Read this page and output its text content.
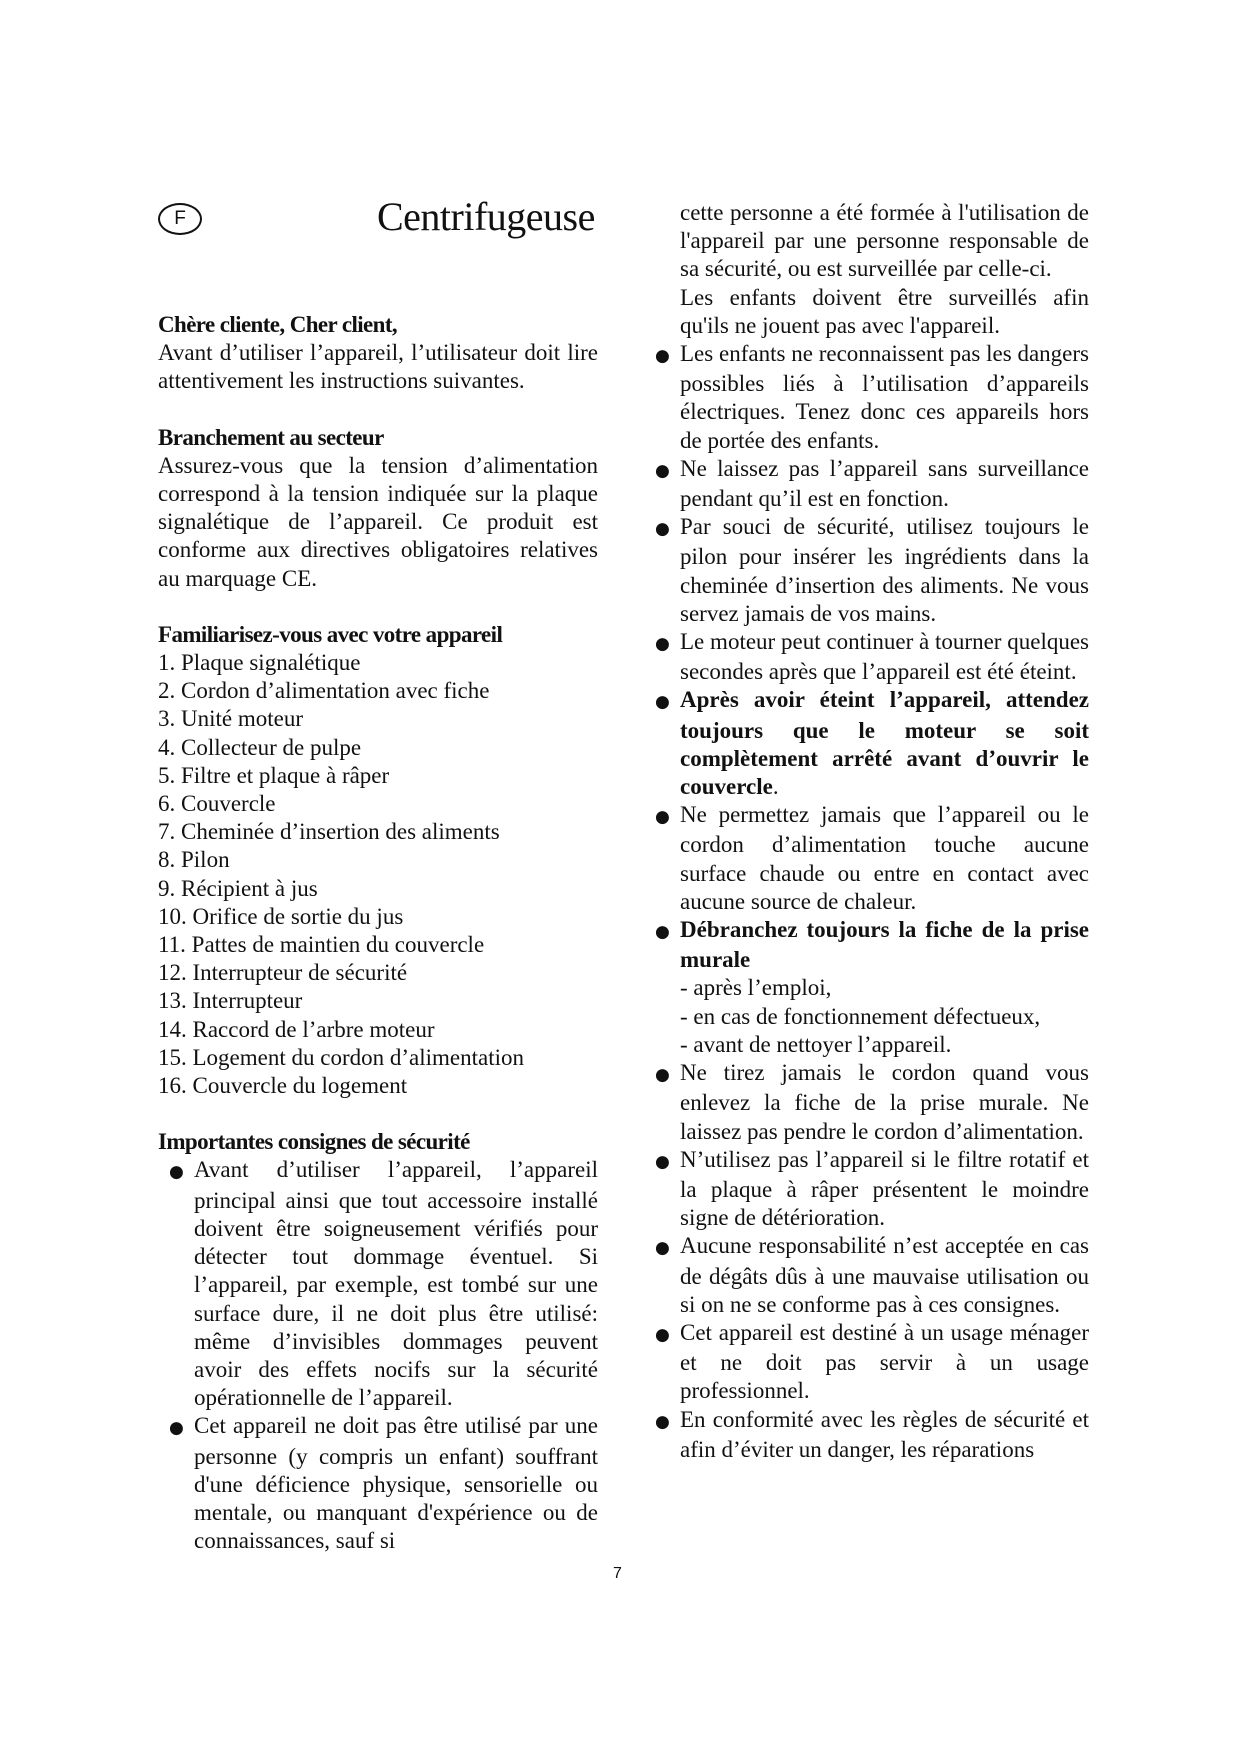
F	Centrifugeuse
Chère cliente, Cher client,
Avant d’utiliser l’appareil, l’utilisateur doit lire attentivement les instructions suivantes.
Branchement au secteur
Assurez-vous que la tension d’alimentation correspond à la tension indiquée sur la plaque signalétique de l’appareil. Ce produit est conforme aux directives obligatoires relatives au marquage CE.
Familiarisez-vous avec votre appareil
1. Plaque signalétique
2. Cordon d’alimentation avec fiche
3. Unité moteur
4. Collecteur de pulpe
5. Filtre et plaque à râper
6. Couvercle
7. Cheminée d’insertion des aliments
8. Pilon
9. Récipient à jus
10. Orifice de sortie du jus
11. Pattes de maintien du couvercle
12. Interrupteur de sécurité
13. Interrupteur
14. Raccord de l’arbre moteur
15. Logement du cordon d’alimentation
16. Couvercle du logement
Importantes consignes de sécurité
● Avant d’utiliser l’appareil, l’appareil principal ainsi que tout accessoire installé doivent être soigneusement vérifiés pour détecter tout dommage éventuel. Si l’appareil, par exemple, est tombé sur une surface dure, il ne doit plus être utilisé: même d’invisibles dommages peuvent avoir des effets nocifs sur la sécurité opérationnelle de l’appareil.
● Cet appareil ne doit pas être utilisé par une personne (y compris un enfant) souffrant d'une déficience physique, sensorielle ou mentale, ou manquant d'expérience ou de connaissances, sauf si
cette personne a été formée à l'utilisation de l'appareil par une personne responsable de sa sécurité, ou est surveillée par celle-ci.
Les enfants doivent être surveillés afin qu'ils ne jouent pas avec l'appareil.
● Les enfants ne reconnaissent pas les dangers possibles liés à l’utilisation d’appareils électriques. Tenez donc ces appareils hors de portée des enfants.
● Ne laissez pas l’appareil sans surveillance pendant qu’il est en fonction.
● Par souci de sécurité, utilisez toujours le pilon pour insérer les ingrédients dans la cheminée d’insertion des aliments. Ne vous servez jamais de vos mains.
● Le moteur peut continuer à tourner quelques secondes après que l’appareil est été éteint.
● Après avoir éteint l’appareil, attendez toujours que le moteur se soit complètement arrêté avant d’ouvrir le couvercle.
● Ne permettez jamais que l’appareil ou le cordon d’alimentation touche aucune surface chaude ou entre en contact avec aucune source de chaleur.
● Débranchez toujours la fiche de la prise murale
- après l’emploi,
- en cas de fonctionnement défectueux,
- avant de nettoyer l’appareil.
● Ne tirez jamais le cordon quand vous enlevez la fiche de la prise murale. Ne laissez pas pendre le cordon d’alimentation.
● N’utilisez pas l’appareil si le filtre rotatif et la plaque à râper présentent le moindre signe de détérioration.
● Aucune responsabilité n’est acceptée en cas de dégâts dûs à une mauvaise utilisation ou si on ne se conforme pas à ces consignes.
● Cet appareil est destiné à un usage ménager et ne doit pas servir à un usage professionnel.
● En conformité avec les règles de sécurité et afin d’éviter un danger, les réparations
7
